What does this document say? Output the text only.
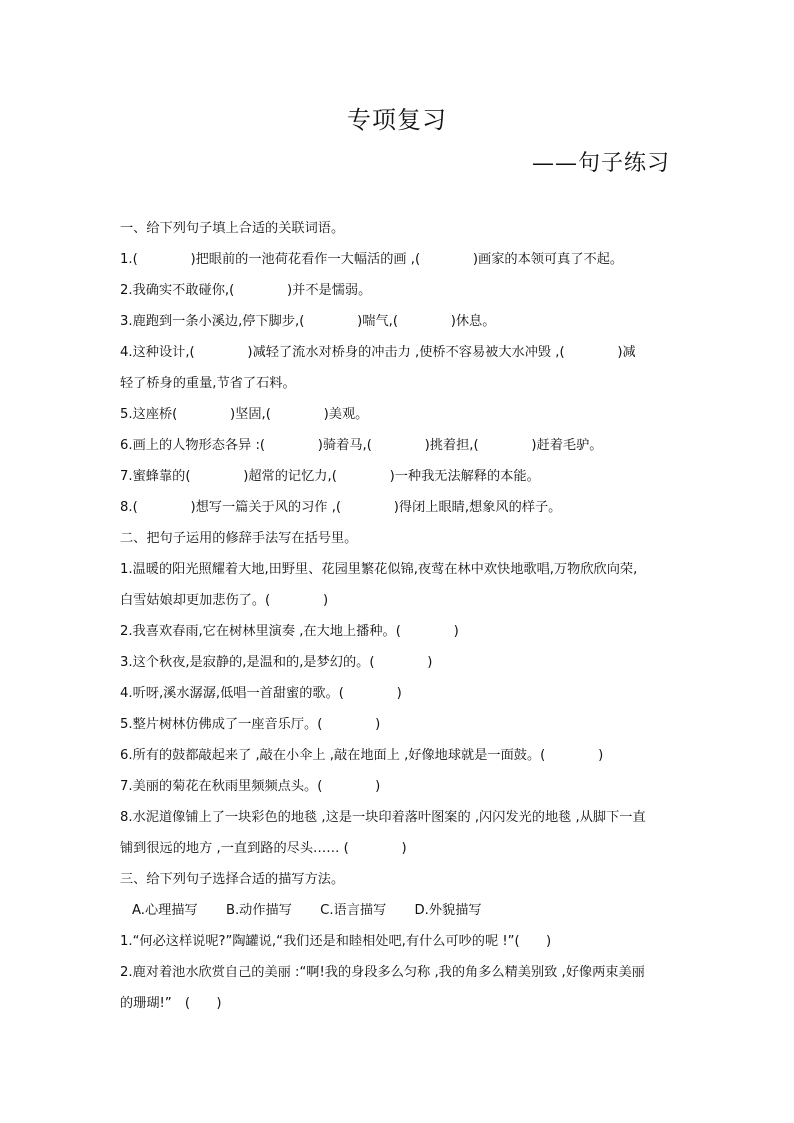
专项复习
——句子练习
一、给下列句子填上合适的关联词语。
1.(　　　　)把眼前的一池荷花看作一大幅活的画 ,(　　　　)画家的本领可真了不起。
2.我确实不敢碰你,(　　　　)并不是懦弱。
3.鹿跑到一条小溪边,停下脚步,(　　　　)喘气,(　　　　)休息。
4.这种设计,(　　　　)减轻了流水对桥身的冲击力 ,使桥不容易被大水冲毁 ,(　　　　)减
轻了桥身的重量,节省了石料。
5.这座桥(　　　　)坚固,(　　　　)美观。
6.画上的人物形态各异 :(　　　　)骑着马,(　　　　)挑着担,(　　　　)赶着毛驴。
7.蜜蜂靠的(　　　　)超常的记忆力,(　　　　)一种我无法解释的本能。
8.(　　　　)想写一篇关于风的习作 ,(　　　　)得闭上眼睛,想象风的样子。
二、把句子运用的修辞手法写在括号里。
1.温暖的阳光照耀着大地,田野里、花园里繁花似锦,夜莺在林中欢快地歌唱,万物欣欣向荣,
白雪姑娘却更加悲伤了。(　　　　)
2.我喜欢春雨,它在树林里演奏 ,在大地上播种。(　　　　)
3.这个秋夜,是寂静的,是温和的,是梦幻的。(　　　　)
4.听呀,溪水潺潺,低唱一首甜蜜的歌。(　　　　)
5.整片树林仿佛成了一座音乐厅。(　　　　)
6.所有的鼓都敲起来了 ,敲在小伞上 ,敲在地面上 ,好像地球就是一面鼓。(　　　　)
7.美丽的菊花在秋雨里频频点头。(　　　　)
8.水泥道像铺上了一块彩色的地毯 ,这是一块印着落叶图案的 ,闪闪发光的地毯 ,从脚下一直
铺到很远的地方 ,一直到路的尽头…… (　　　　)
三、给下列句子选择合适的描写方法。
A.心理描写 B.动作描写 C.语言描写 D.外貌描写
1.“何必这样说呢?”陶罐说,“我们还是和睦相处吧,有什么可吵的呢 !”(　　)
2.鹿对着池水欣赏自己的美丽 :“啊!我的身段多么匀称 ,我的角多么精美别致 ,好像两束美丽
的珊瑚!”　(　　)
